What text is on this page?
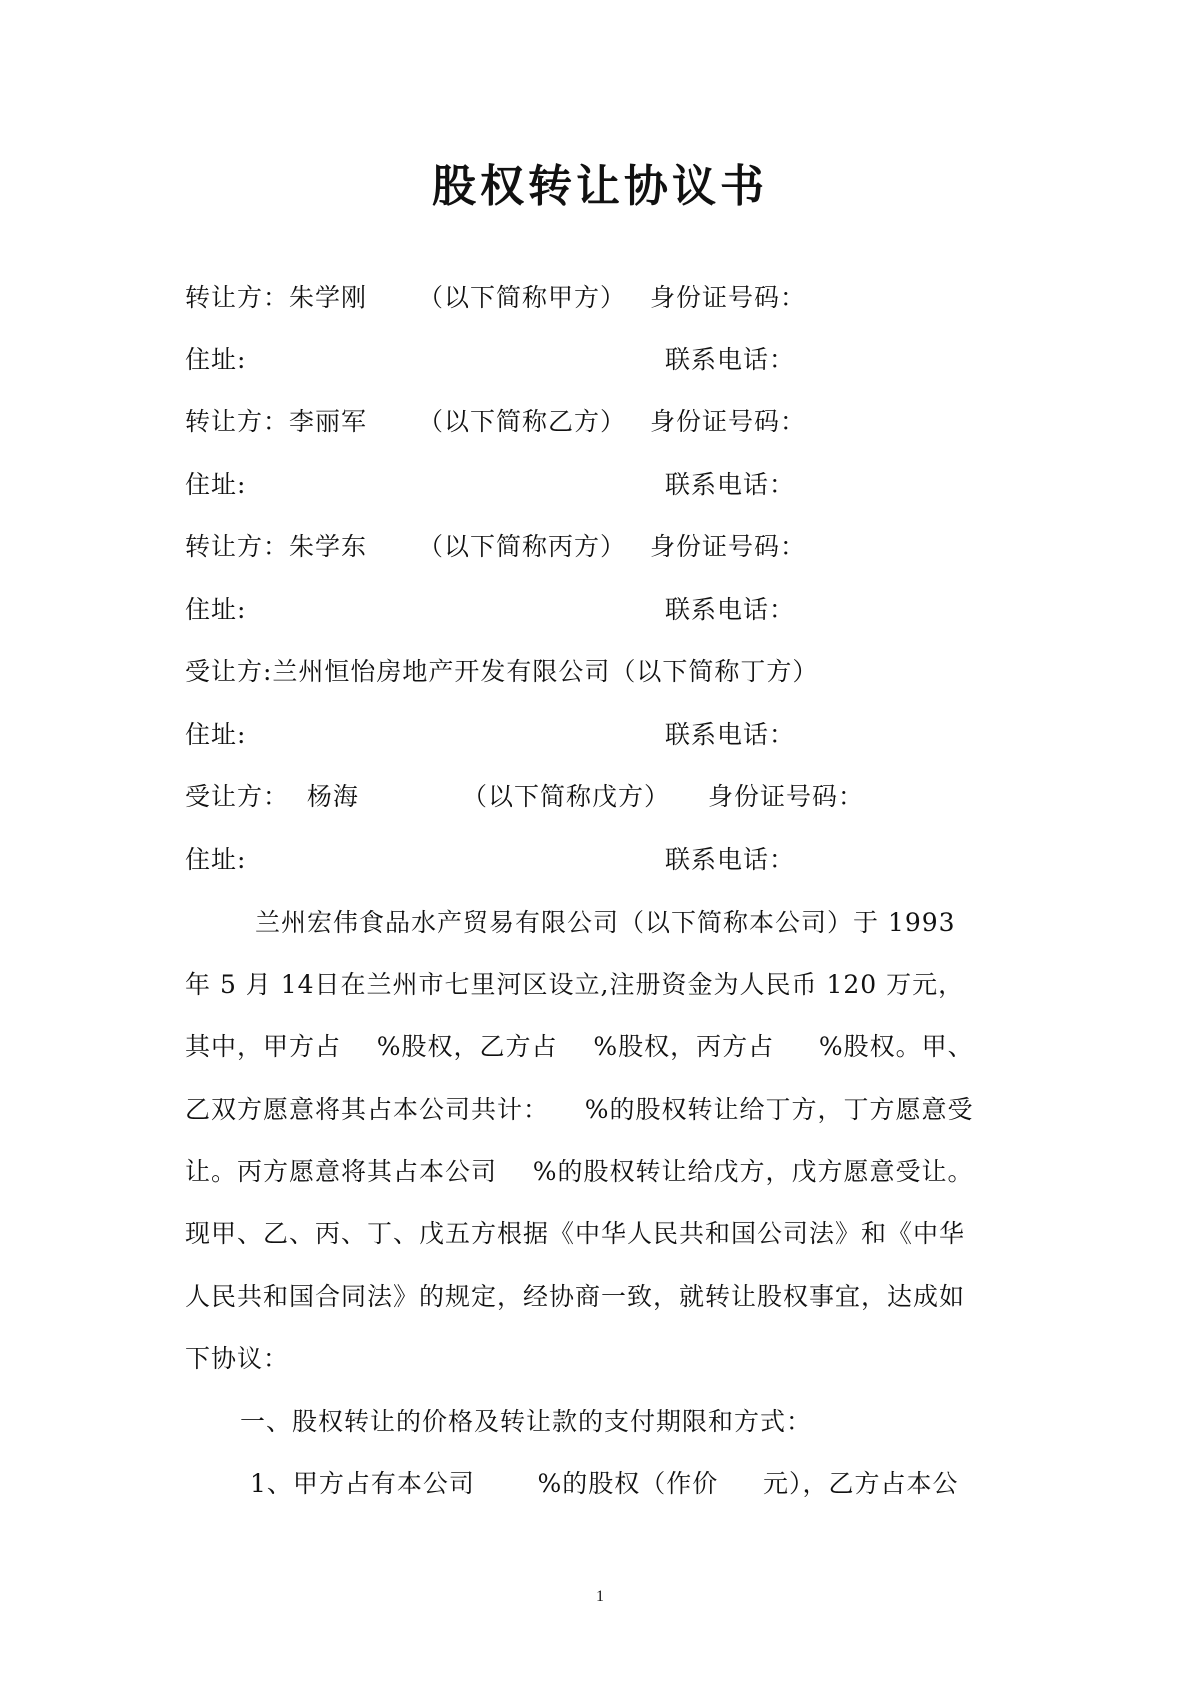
股权转让协议书
转让方：朱学刚 （以下简称甲方） 身份证号码：
住址:	联系电话：
转让方：李丽军 （以下简称乙方） 身份证号码：
住址:	联系电话：
转让方：朱学东 （以下简称丙方） 身份证号码：
住址:	联系电话：
受让方:兰州恒怡房地产开发有限公司（以下简称丁方）
住址:	联系电话：
受让方：  杨海	（以下简称戊方） 身份证号码：
住址:	联系电话：
兰州宏伟食品水产贸易有限公司（以下简称本公司）于 1993
年 5 月 14日在兰州市七里河区设立,注册资金为人民币 120 万元，
其中，甲方占    %股权，乙方占    %股权，丙方占     %股权。甲、
乙双方愿意将其占本公司共计：    %的股权转让给丁方，丁方愿意受
让。丙方愿意将其占本公司    %的股权转让给戊方，戊方愿意受让。
现甲、乙、丙、丁、戊五方根据《中华人民共和国公司法》和《中华
人民共和国合同法》的规定，经协商一致，就转让股权事宜，达成如
下协议：
一、股权转让的价格及转让款的支付期限和方式：
1、甲方占有本公司       %的股权（作价     元），乙方占本公
1
